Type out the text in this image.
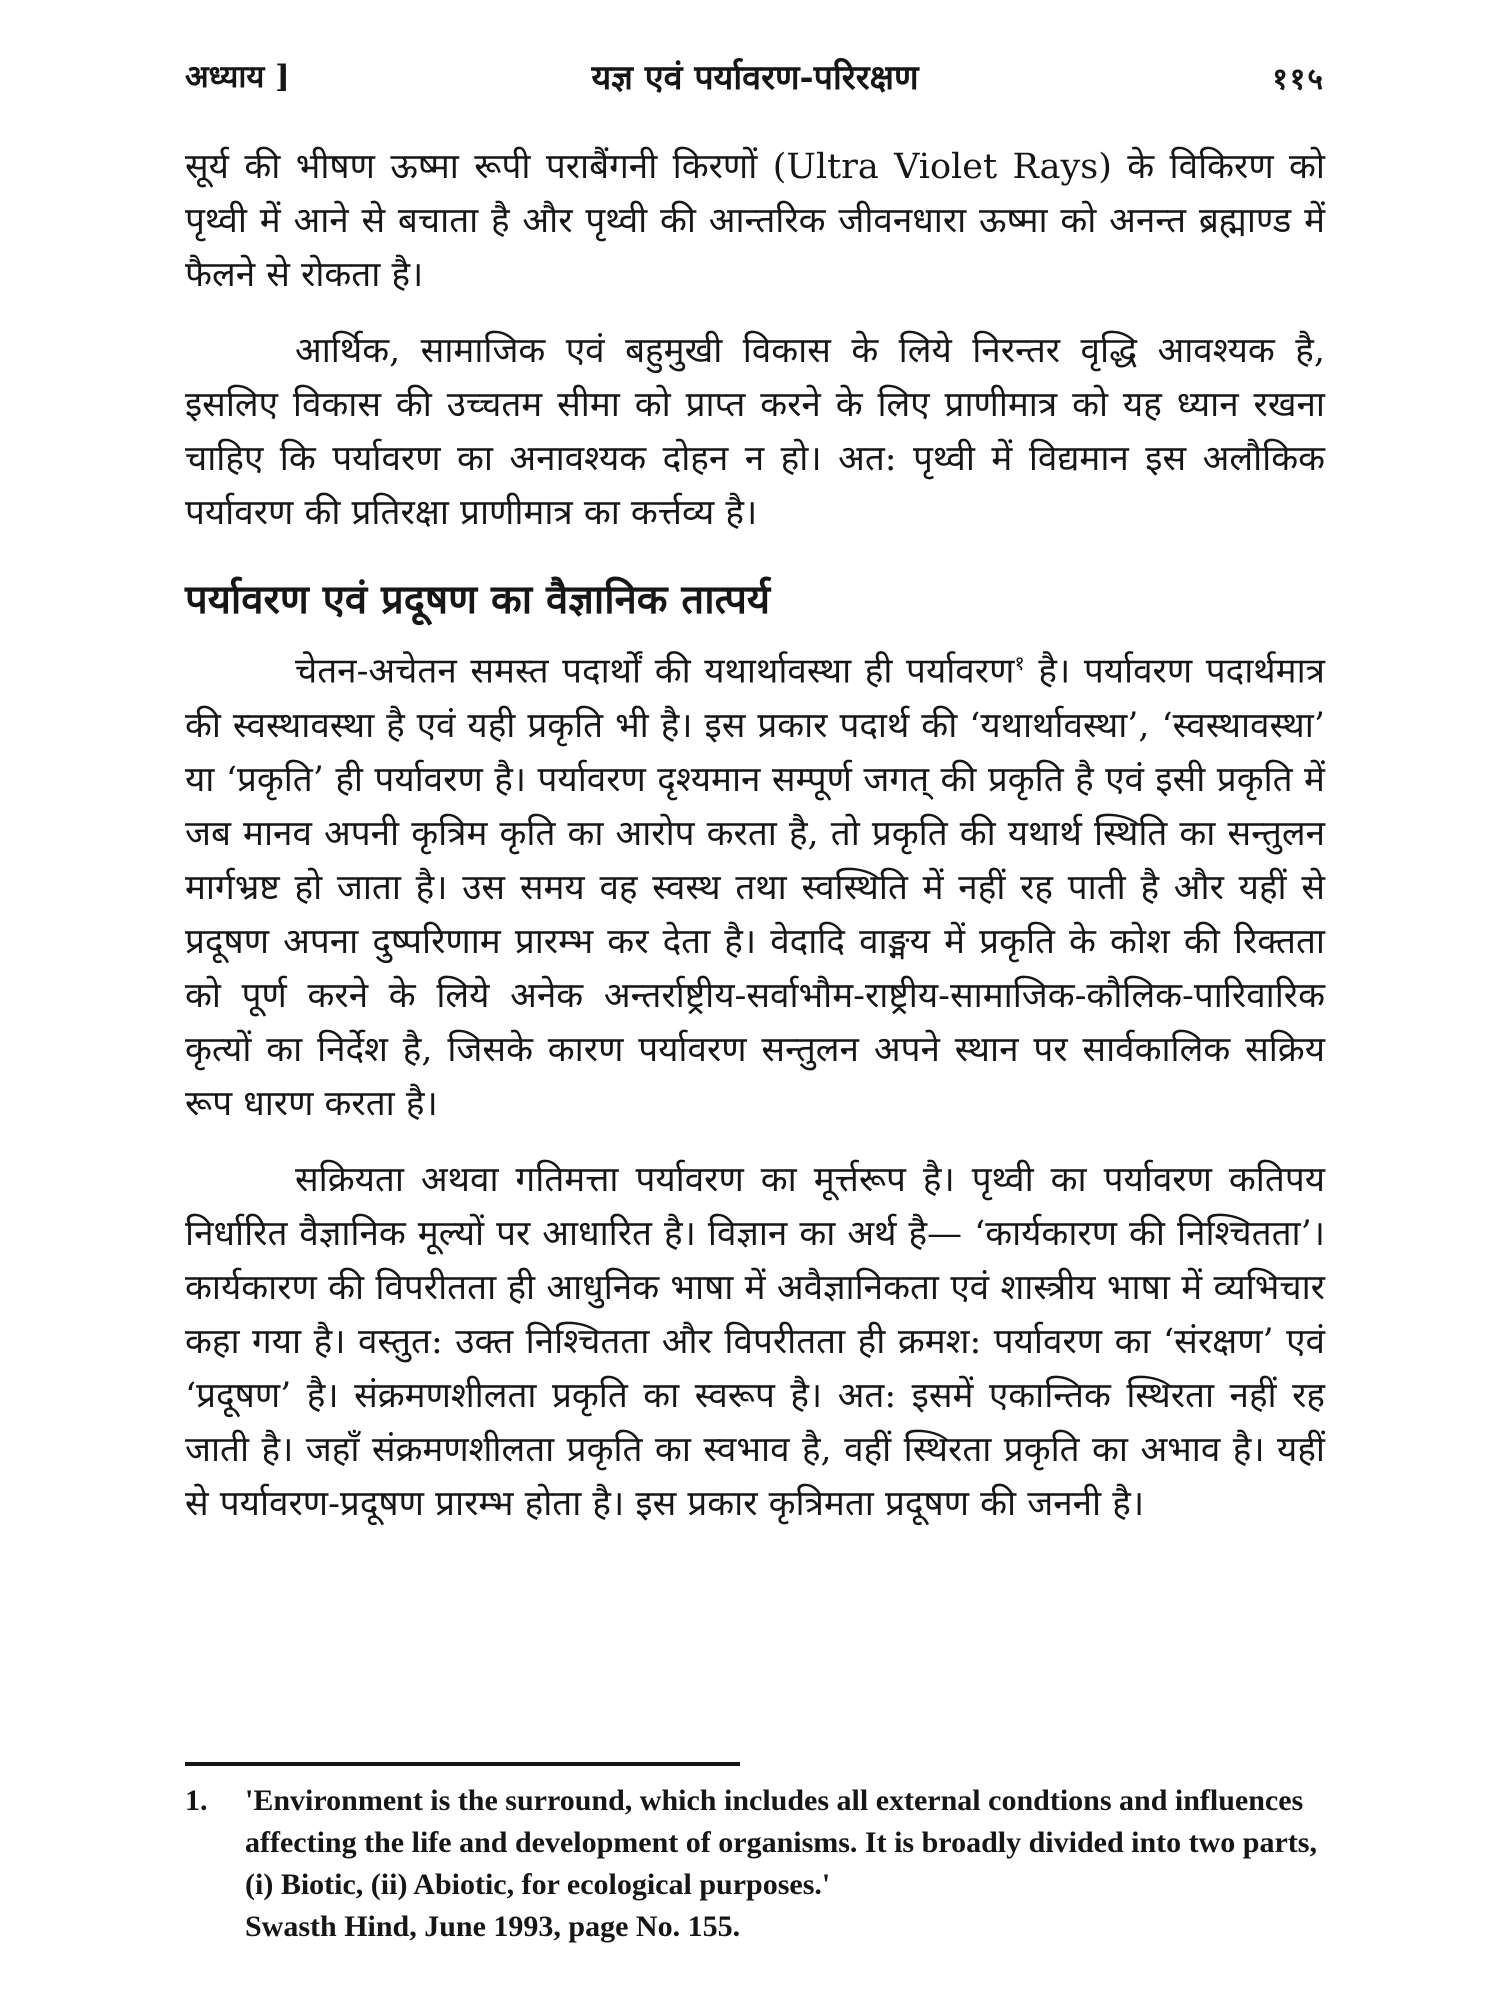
अध्याय ]	यज्ञ एवं पर्यावरण-परिरक्षण	११५

सूर्य की भीषण ऊष्मा रूपी पराबैंगनी किरणों (Ultra Violet Rays) के विकिरण को पृथ्वी में आने से बचाता है और पृथ्वी की आन्तरिक जीवनधारा ऊष्मा को अनन्त ब्रह्माण्ड में फैलने से रोकता है।

आर्थिक, सामाजिक एवं बहुमुखी विकास के लिये निरन्तर वृद्धि आवश्यक है, इसलिए विकास की उच्चतम सीमा को प्राप्त करने के लिए प्राणीमात्र को यह ध्यान रखना चाहिए कि पर्यावरण का अनावश्यक दोहन न हो। अत: पृथ्वी में विद्यमान इस अलौकिक पर्यावरण की प्रतिरक्षा प्राणीमात्र का कर्त्तव्य है।

पर्यावरण एवं प्रदूषण का वैज्ञानिक तात्पर्य

चेतन-अचेतन समस्त पदार्थों की यथार्थावस्था ही पर्यावरण$^१$ है। पर्यावरण पदार्थमात्र की स्वस्थावस्था है एवं यही प्रकृति भी है। इस प्रकार पदार्थ की ‘यथार्थावस्था’, ‘स्वस्थावस्था’ या ‘प्रकृति’ ही पर्यावरण है। पर्यावरण दृश्यमान सम्पूर्ण जगत् की प्रकृति है एवं इसी प्रकृति में जब मानव अपनी कृत्रिम कृति का आरोप करता है, तो प्रकृति की यथार्थ स्थिति का सन्तुलन मार्गभ्रष्ट हो जाता है। उस समय वह स्वस्थ तथा स्वस्थिति में नहीं रह पाती है और यहीं से प्रदूषण अपना दुष्परिणाम प्रारम्भ कर देता है। वेदादि वाङ्मय में प्रकृति के कोश की रिक्तता को पूर्ण करने के लिये अनेक अन्तर्राष्ट्रीय-सर्वाभौम-राष्ट्रीय-सामाजिक-कौलिक-पारिवारिक कृत्यों का निर्देश है, जिसके कारण पर्यावरण सन्तुलन अपने स्थान पर सार्वकालिक सक्रिय रूप धारण करता है।

सक्रियता अथवा गतिमत्ता पर्यावरण का मूर्त्तरूप है। पृथ्वी का पर्यावरण कतिपय निर्धारित वैज्ञानिक मूल्यों पर आधारित है। विज्ञान का अर्थ है— ‘कार्यकारण की निश्चितता’। कार्यकारण की विपरीतता ही आधुनिक भाषा में अवैज्ञानिकता एवं शास्त्रीय भाषा में व्यभिचार कहा गया है। वस्तुत: उक्त निश्चितता और विपरीतता ही क्रमश: पर्यावरण का ‘संरक्षण’ एवं ‘प्रदूषण’ है। संक्रमणशीलता प्रकृति का स्वरूप है। अत: इसमें एकान्तिक स्थिरता नहीं रह जाती है। जहाँ संक्रमणशीलता प्रकृति का स्वभाव है, वहीं स्थिरता प्रकृति का अभाव है। यहीं से पर्यावरण-प्रदूषण प्रारम्भ होता है। इस प्रकार कृत्रिमता प्रदूषण की जननी है।

1.	'Environment is the surround, which includes all external condtions and influences affecting the life and development of organisms. It is broadly divided into two parts, (i) Biotic, (ii) Abiotic, for ecological purposes.'
Swasth Hind, June 1993, page No. 155.
